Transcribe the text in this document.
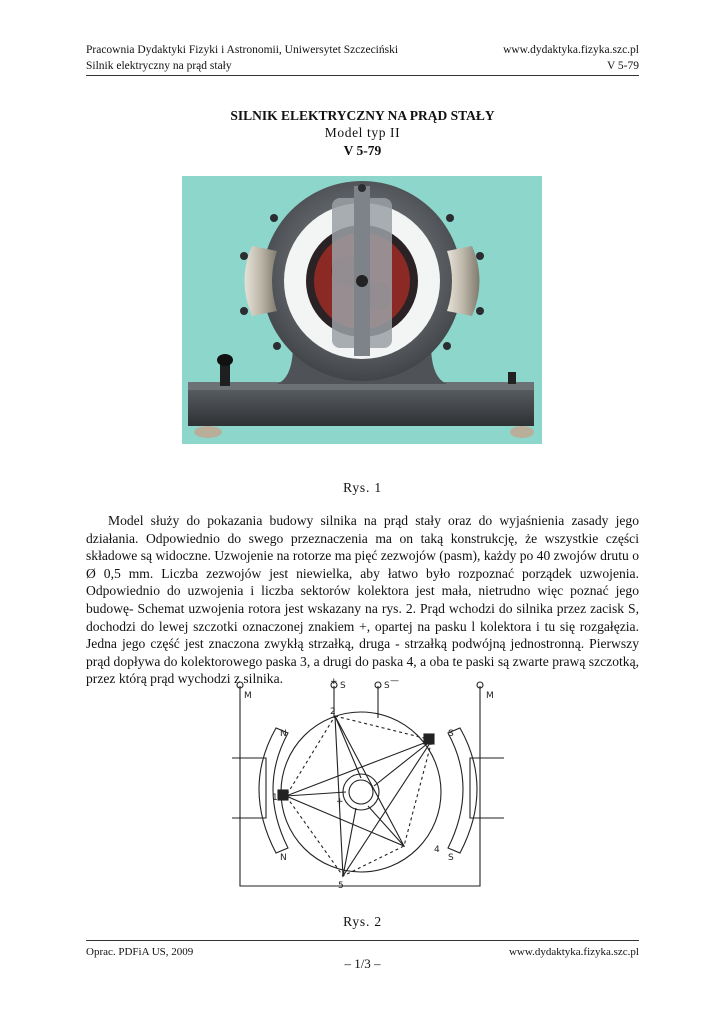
Pracownia Dydaktyki Fizyki i Astronomii, Uniwersytet Szczeciński	www.dydaktyka.fizyka.szc.pl
Silnik elektryczny na prąd stały	V 5-79
SILNIK ELEKTRYCZNY NA PRĄD STAŁY
Model typ II
V 5-79
Rys. 1

Model służy do pokazania budowy silnika na prąd stały oraz do wyjaśnienia zasady jego działania. Odpowiednio do swego przeznaczenia ma on taką konstrukcję, że wszystkie części składowe są widoczne. Uzwojenie na rotorze ma pięć zezwojów (pasm), każdy po 40 zwojów drutu o Ø 0,5 mm. Liczba zezwojów jest niewielka, aby łatwo było rozpoznać porządek uzwojenia. Odpowiednio do uzwojenia i liczba sektorów kolektora jest mała, nietrudno więc poznać jego budowę- Schemat uzwojenia rotora jest wskazany na rys. 2. Prąd wchodzi do silnika przez zacisk S, dochodzi do lewej szczotki oznaczonej znakiem +, opartej na pasku l kolektora i tu się rozgałęzia. Jedna jego część jest znaczona zwykłą strzałką, druga - strzałką podwójną jednostronną. Pierwszy prąd dopływa do kolektorowego paska 3, a drugi do paska 4, a oba te paski są zwarte prawą szczotką, przez którą prąd wychodzi z silnika.

M	M
+ S	S —
N
N
S
S
1
2
3
4
5
+
Rys. 2
Oprac. PDFiA US, 2009	www.dydaktyka.fizyka.szc.pl
– 1/3 –
